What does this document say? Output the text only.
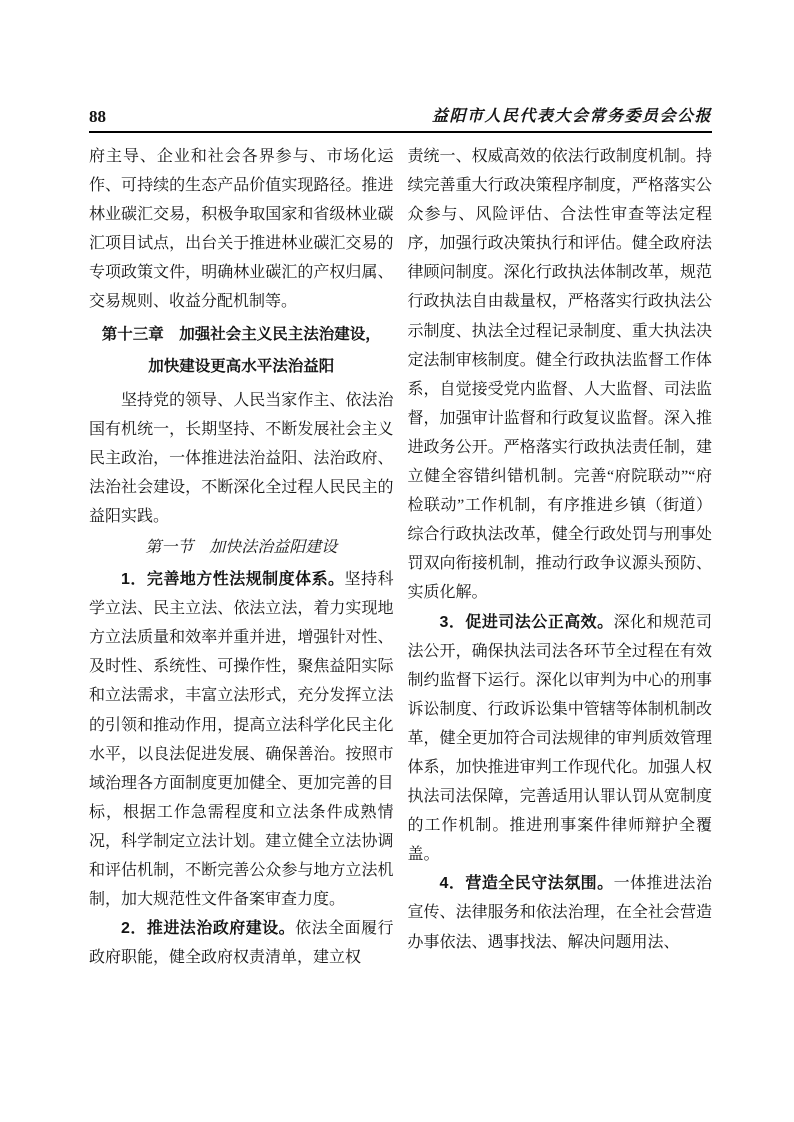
88	益阳市人民代表大会常务委员会公报

府主导、企业和社会各界参与、市场化运作、可持续的生态产品价值实现路径。推进林业碳汇交易，积极争取国家和省级林业碳汇项目试点，出台关于推进林业碳汇交易的专项政策文件，明确林业碳汇的产权归属、交易规则、收益分配机制等。

第十三章　加强社会主义民主法治建设，
加快建设更高水平法治益阳

坚持党的领导、人民当家作主、依法治国有机统一，长期坚持、不断发展社会主义民主政治，一体推进法治益阳、法治政府、法治社会建设，不断深化全过程人民民主的益阳实践。

第一节　加快法治益阳建设

1．完善地方性法规制度体系。坚持科学立法、民主立法、依法立法，着力实现地方立法质量和效率并重并进，增强针对性、及时性、系统性、可操作性，聚焦益阳实际和立法需求，丰富立法形式，充分发挥立法的引领和推动作用，提高立法科学化民主化水平，以良法促进发展、确保善治。按照市域治理各方面制度更加健全、更加完善的目标，根据工作急需程度和立法条件成熟情况，科学制定立法计划。建立健全立法协调和评估机制，不断完善公众参与地方立法机制，加大规范性文件备案审查力度。

2．推进法治政府建设。依法全面履行政府职能，健全政府权责清单，建立权

责统一、权威高效的依法行政制度机制。持续完善重大行政决策程序制度，严格落实公众参与、风险评估、合法性审查等法定程序，加强行政决策执行和评估。健全政府法律顾问制度。深化行政执法体制改革，规范行政执法自由裁量权，严格落实行政执法公示制度、执法全过程记录制度、重大执法决定法制审核制度。健全行政执法监督工作体系，自觉接受党内监督、人大监督、司法监督，加强审计监督和行政复议监督。深入推进政务公开。严格落实行政执法责任制，建立健全容错纠错机制。完善“府院联动”“府检联动”工作机制，有序推进乡镇（街道）综合行政执法改革，健全行政处罚与刑事处罚双向衔接机制，推动行政争议源头预防、实质化解。

3．促进司法公正高效。深化和规范司法公开，确保执法司法各环节全过程在有效制约监督下运行。深化以审判为中心的刑事诉讼制度、行政诉讼集中管辖等体制机制改革，健全更加符合司法规律的审判质效管理体系，加快推进审判工作现代化。加强人权执法司法保障，完善适用认罪认罚从宽制度的工作机制。推进刑事案件律师辩护全覆盖。

4．营造全民守法氛围。一体推进法治宣传、法律服务和依法治理，在全社会营造办事依法、遇事找法、解决问题用法、
